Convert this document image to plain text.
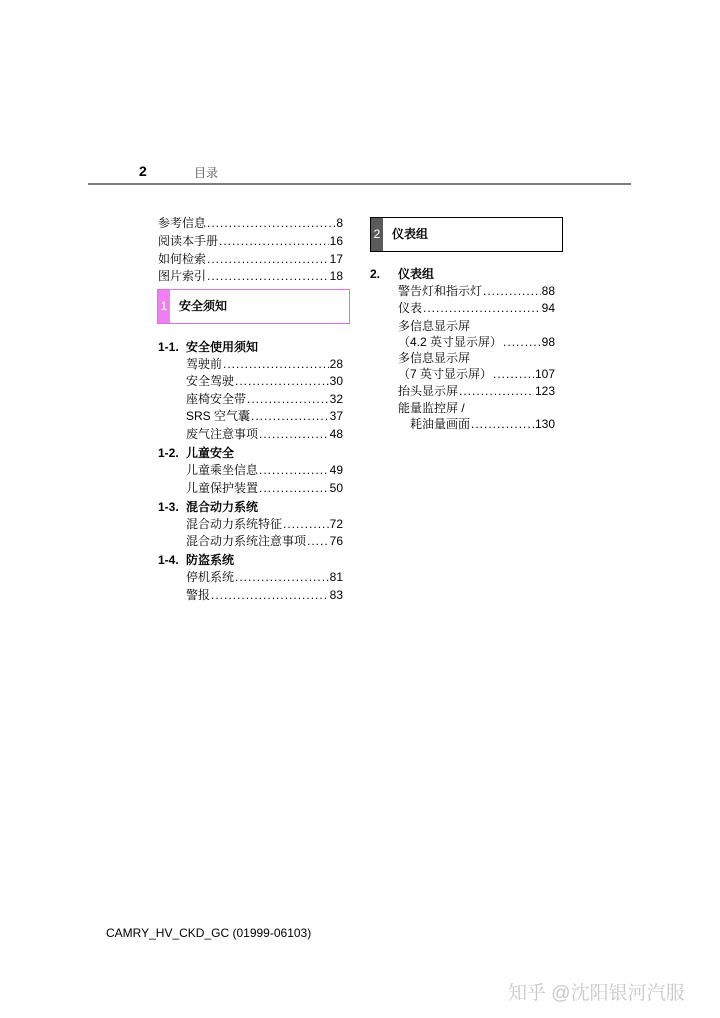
2	目录
参考信息 .....	8
阅读本手册 .....	16
如何检索 .....	17
图片索引 .....	18
1 安全须知
1-1. 安全使用须知
驾驶前 .....	28
安全驾驶 .....	30
座椅安全带 .....	32
SRS 空气囊 .....	37
废气注意事项 .....	48
1-2. 儿童安全
儿童乘坐信息 .....	49
儿童保护装置 .....	50
1-3. 混合动力系统
混合动力系统特征 .....	72
混合动力系统注意事项 ..... 76
1-4. 防盗系统
停机系统 .....	81
警报 .....	83
2 仪表组
2. 仪表组
警告灯和指示灯 .....	88
仪表 .....	94
多信息显示屏
（4.2 英寸显示屏） .....	98
多信息显示屏
（7 英寸显示屏） .....	107
抬头显示屏 .....	123
能量监控屏 /
耗油量画面 .....	130
CAMRY_HV_CKD_GC (01999-06103)
知乎 @沈阳银河汽服
